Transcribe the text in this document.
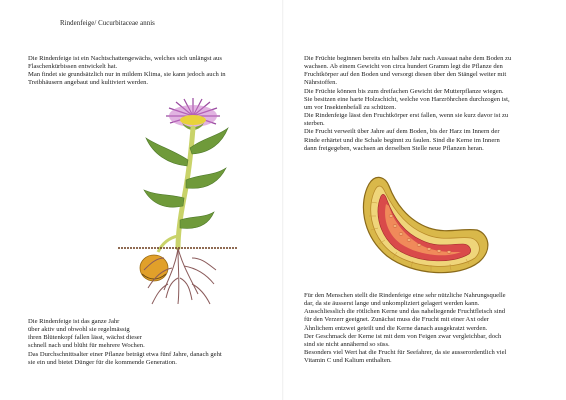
Rindenfeige/ Cucurbitaceae annis

Die Rindenfeige ist ein Nachtschattengewächs, welches sich unlängst aus
Flaschenkürbissen entwickelt hat.
Man findet sie grundsätzlich nur in mildem Klima, sie kann jedoch auch in
Treibhäusern angebaut und kultiviert werden.

Die Rindenfeige ist das ganze Jahr
über aktiv und obwohl sie regelmässig
ihren Blütenkopf fallen lässt, wächst dieser
schnell nach und blüht für mehrere Wochen.
Das Durchschnittsalter einer Pflanze beträgt etwa fünf Jahre, danach geht
sie ein und bietet Dünger für die kommende Generation.

Die Früchte beginnen bereits ein halbes Jahr nach Aussaat nahe dem Boden zu
wachsen. Ab einem Gewicht von circa hundert Gramm legt die Pflanze den
Fruchtkörper auf den Boden und versorgt diesen über den Stängel weiter mit
Nährstoffen.
Die Früchte können bis zum dreifachen Gewicht der Mutterpflanze wiegen.
Sie besitzen eine harte Holzschicht, welche von Harzröhrchen durchzogen ist,
um vor Insektenbefall zu schützen.
Die Rindenfeige lässt den Fruchtkörper erst fallen, wenn sie kurz davor ist zu
sterben.
Die Frucht verweilt über Jahre auf dem Boden, bis der Harz im Innern der
Rinde erhärtet und die Schale beginnt zu faulen. Sind die Kerne im Innern
dann freigegeben, wachsen an derselben Stelle neue Pflanzen heran.

Für den Menschen stellt die Rindenfeige eine sehr nützliche Nahrungsquelle
dar, da sie äusserst lange und unkompliziert gelagert werden kann.
Ausschliesslich die rötlichen Kerne und das naheliegende Fruchtfleisch sind
für den Verzerr geeignet. Zunächst muss die Frucht mit einer Axt oder
Ähnlichem entzwei geteilt und die Kerne danach ausgekratzt werden.
Der Geschmack der Kerne ist mit dem von Feigen zwar vergleichbar, doch
sind sie nicht annähernd so süss.
Besonders viel Wert hat die Frucht für Seefahrer, da sie ausserordentlich viel
Vitamin C und Kalium enthalten.
